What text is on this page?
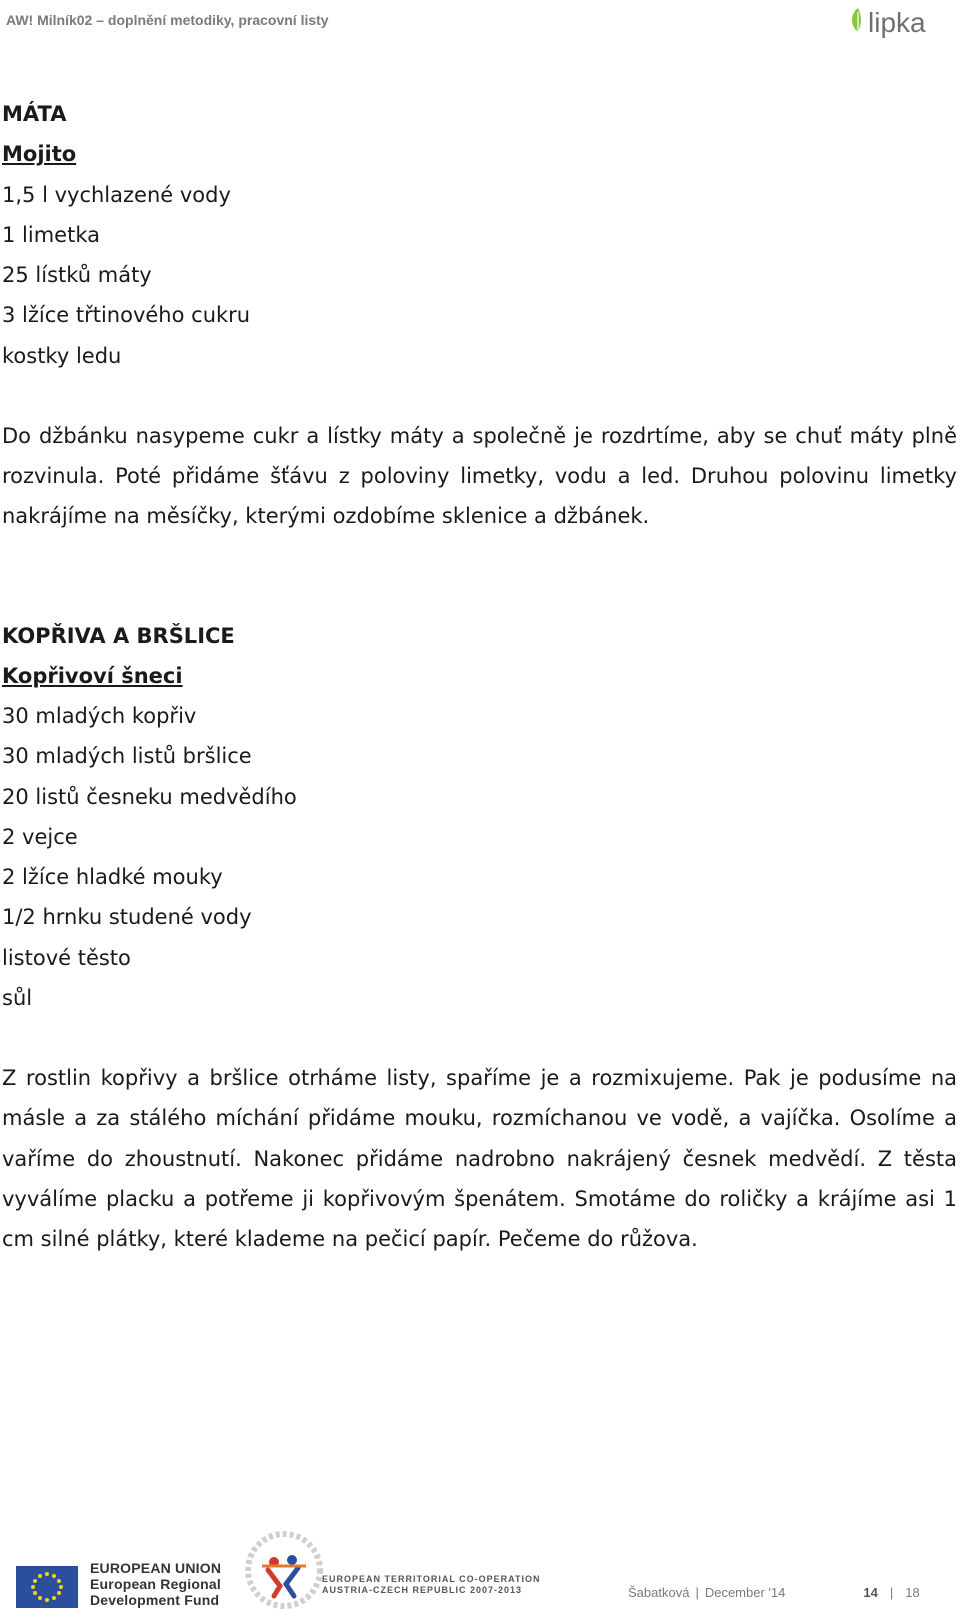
AW! Milník02 – doplnění metodiky, pracovní listy	lipka

MÁTA

Mojito

1,5 l vychlazené vody

1 limetka

25 lístků máty

3 lžíce třtinového cukru

kostky ledu

Do džbánku nasypeme cukr a lístky máty a společně je rozdrtíme, aby se chuť máty plně rozvinula. Poté přidáme šťávu z poloviny limetky, vodu a led. Druhou polovinu limetky nakrájíme na měsíčky, kterými ozdobíme sklenice a džbánek.

KOPŘIVA A BRŠLICE

Kopřivoví šneci

30 mladých kopřiv

30 mladých listů bršlice

20 listů česneku medvědího

2 vejce

2 lžíce hladké mouky

1/2 hrnku studené vody

listové těsto

sůl

Z rostlin kopřivy a bršlice otrháme listy, spaříme je a rozmixujeme. Pak je podusíme na másle a za stálého míchání přidáme mouku, rozmíchanou ve vodě, a vajíčka. Osolíme a vaříme do zhoustnutí. Nakonec přidáme nadrobno nakrájený česnek medvědí. Z těsta vyválíme placku a potřeme ji kopřivovým špenátem. Smotáme do roličky a krájíme asi 1 cm silné plátky, které klademe na pečicí papír. Pečeme do růžova.

EUROPEAN UNION
European Regional
Development Fund
EUROPEAN TERRITORIAL CO-OPERATION
AUSTRIA-CZECH REPUBLIC 2007-2013	Šabatková | December '14	14 | 18
